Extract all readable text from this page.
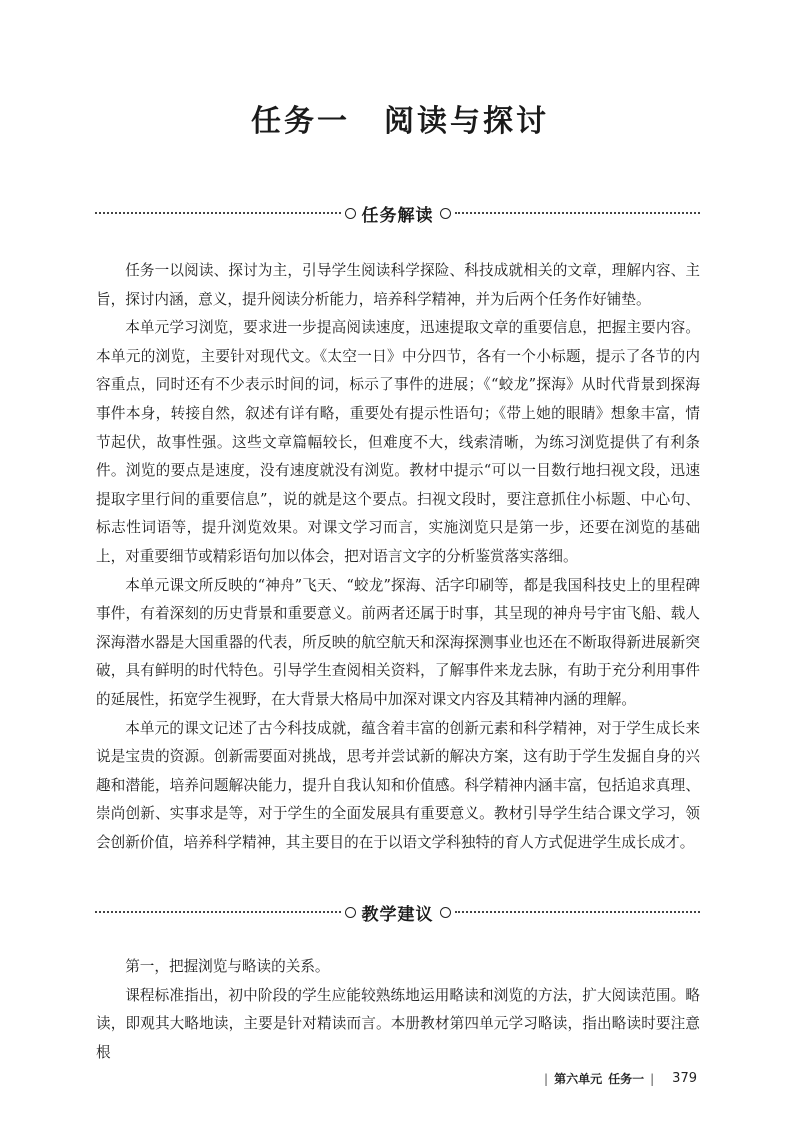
任务一 阅读与探讨
任务解读

任务一以阅读、探讨为主，引导学生阅读科学探险、科技成就相关的文章，理解内容、主旨，探讨内涵，意义，提升阅读分析能力，培养科学精神，并为后两个任务作好铺垫。

本单元学习浏览，要求进一步提高阅读速度，迅速提取文章的重要信息，把握主要内容。本单元的浏览，主要针对现代文。《太空一日》中分四节，各有一个小标题，提示了各节的内容重点，同时还有不少表示时间的词，标示了事件的进展；《“蛟龙”探海》从时代背景到探海事件本身，转接自然，叙述有详有略，重要处有提示性语句；《带上她的眼睛》想象丰富，情节起伏，故事性强。这些文章篇幅较长，但难度不大，线索清晰，为练习浏览提供了有利条件。浏览的要点是速度，没有速度就没有浏览。教材中提示“可以一目数行地扫视文段，迅速提取字里行间的重要信息”，说的就是这个要点。扫视文段时，要注意抓住小标题、中心句、标志性词语等，提升浏览效果。对课文学习而言，实施浏览只是第一步，还要在浏览的基础上，对重要细节或精彩语句加以体会，把对语言文字的分析鉴赏落实落细。

本单元课文所反映的“神舟”飞天、“蛟龙”探海、活字印刷等，都是我国科技史上的里程碑事件，有着深刻的历史背景和重要意义。前两者还属于时事，其呈现的神舟号宇宙飞船、载人深海潜水器是大国重器的代表，所反映的航空航天和深海探测事业也还在不断取得新进展新突破，具有鲜明的时代特色。引导学生查阅相关资料，了解事件来龙去脉，有助于充分利用事件的延展性，拓宽学生视野，在大背景大格局中加深对课文内容及其精神内涵的理解。

本单元的课文记述了古今科技成就，蕴含着丰富的创新元素和科学精神，对于学生成长来说是宝贵的资源。创新需要面对挑战，思考并尝试新的解决方案，这有助于学生发掘自身的兴趣和潜能，培养问题解决能力，提升自我认知和价值感。科学精神内涵丰富，包括追求真理、崇尚创新、实事求是等，对于学生的全面发展具有重要意义。教材引导学生结合课文学习，领会创新价值，培养科学精神，其主要目的在于以语文学科独特的育人方式促进学生成长成才。

教学建议

第一，把握浏览与略读的关系。

课程标准指出，初中阶段的学生应能较熟练地运用略读和浏览的方法，扩大阅读范围。略读，即观其大略地读，主要是针对精读而言。本册教材第四单元学习略读，指出略读时要注意根

| 第六单元 任务一 | 379
